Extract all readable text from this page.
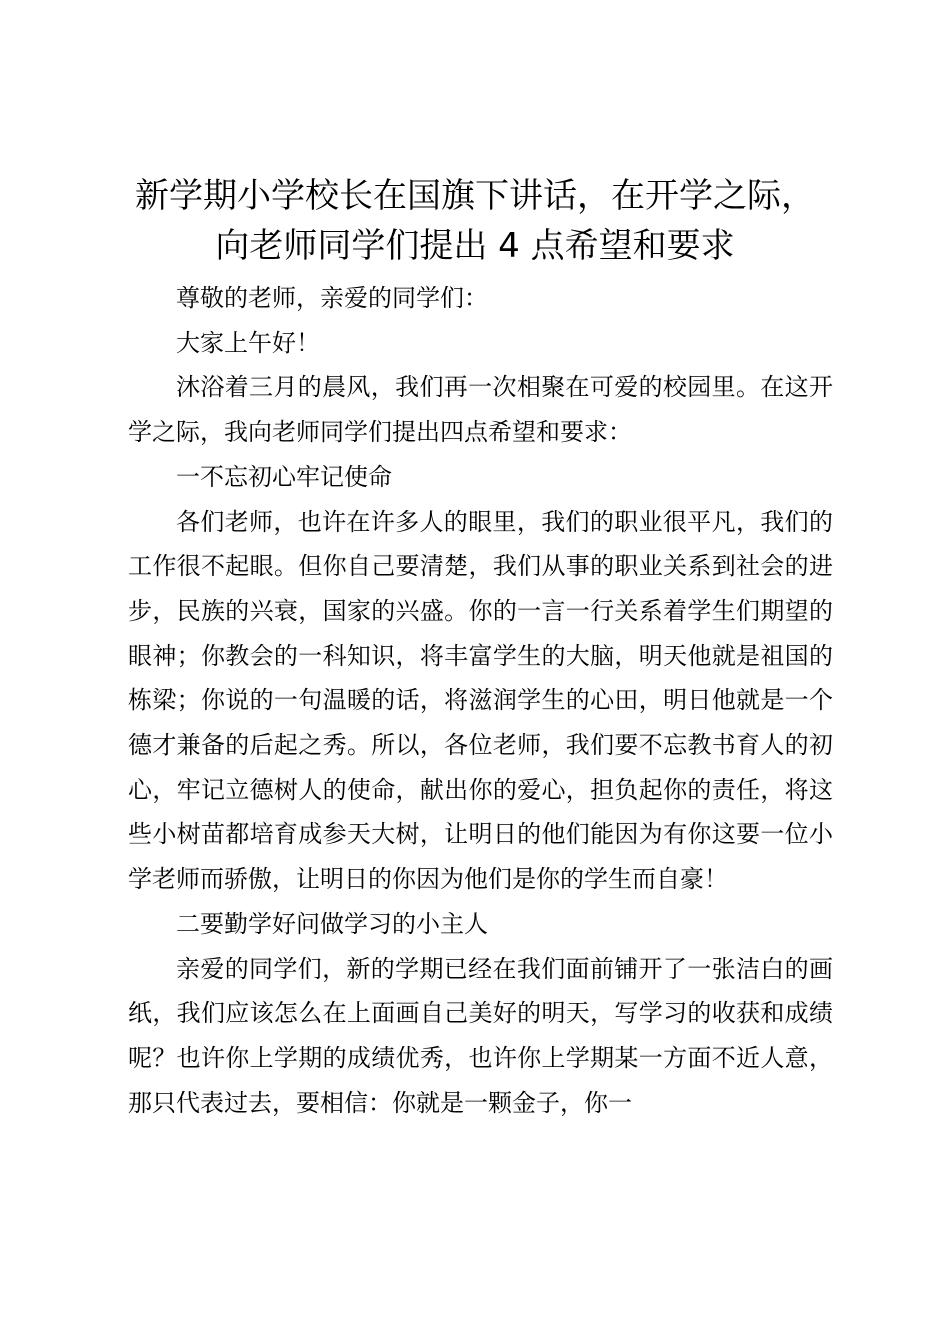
新学期小学校长在国旗下讲话，在开学之际，
向老师同学们提出 4 点希望和要求

尊敬的老师，亲爱的同学们：

大家上午好！

沐浴着三月的晨风，我们再一次相聚在可爱的校园里。在这开学之际，我向老师同学们提出四点希望和要求：

一不忘初心牢记使命

各们老师，也许在许多人的眼里，我们的职业很平凡，我们的工作很不起眼。但你自己要清楚，我们从事的职业关系到社会的进步，民族的兴衰，国家的兴盛。你的一言一行关系着学生们期望的眼神；你教会的一科知识，将丰富学生的大脑，明天他就是祖国的栋梁；你说的一句温暖的话，将滋润学生的心田，明日他就是一个德才兼备的后起之秀。所以，各位老师，我们要不忘教书育人的初心，牢记立德树人的使命，献出你的爱心，担负起你的责任，将这些小树苗都培育成参天大树，让明日的他们能因为有你这要一位小学老师而骄傲，让明日的你因为他们是你的学生而自豪！

二要勤学好问做学习的小主人

亲爱的同学们，新的学期已经在我们面前铺开了一张洁白的画纸，我们应该怎么在上面画自己美好的明天，写学习的收获和成绩呢？也许你上学期的成绩优秀，也许你上学期某一方面不近人意，那只代表过去，要相信：你就是一颗金子，你一
